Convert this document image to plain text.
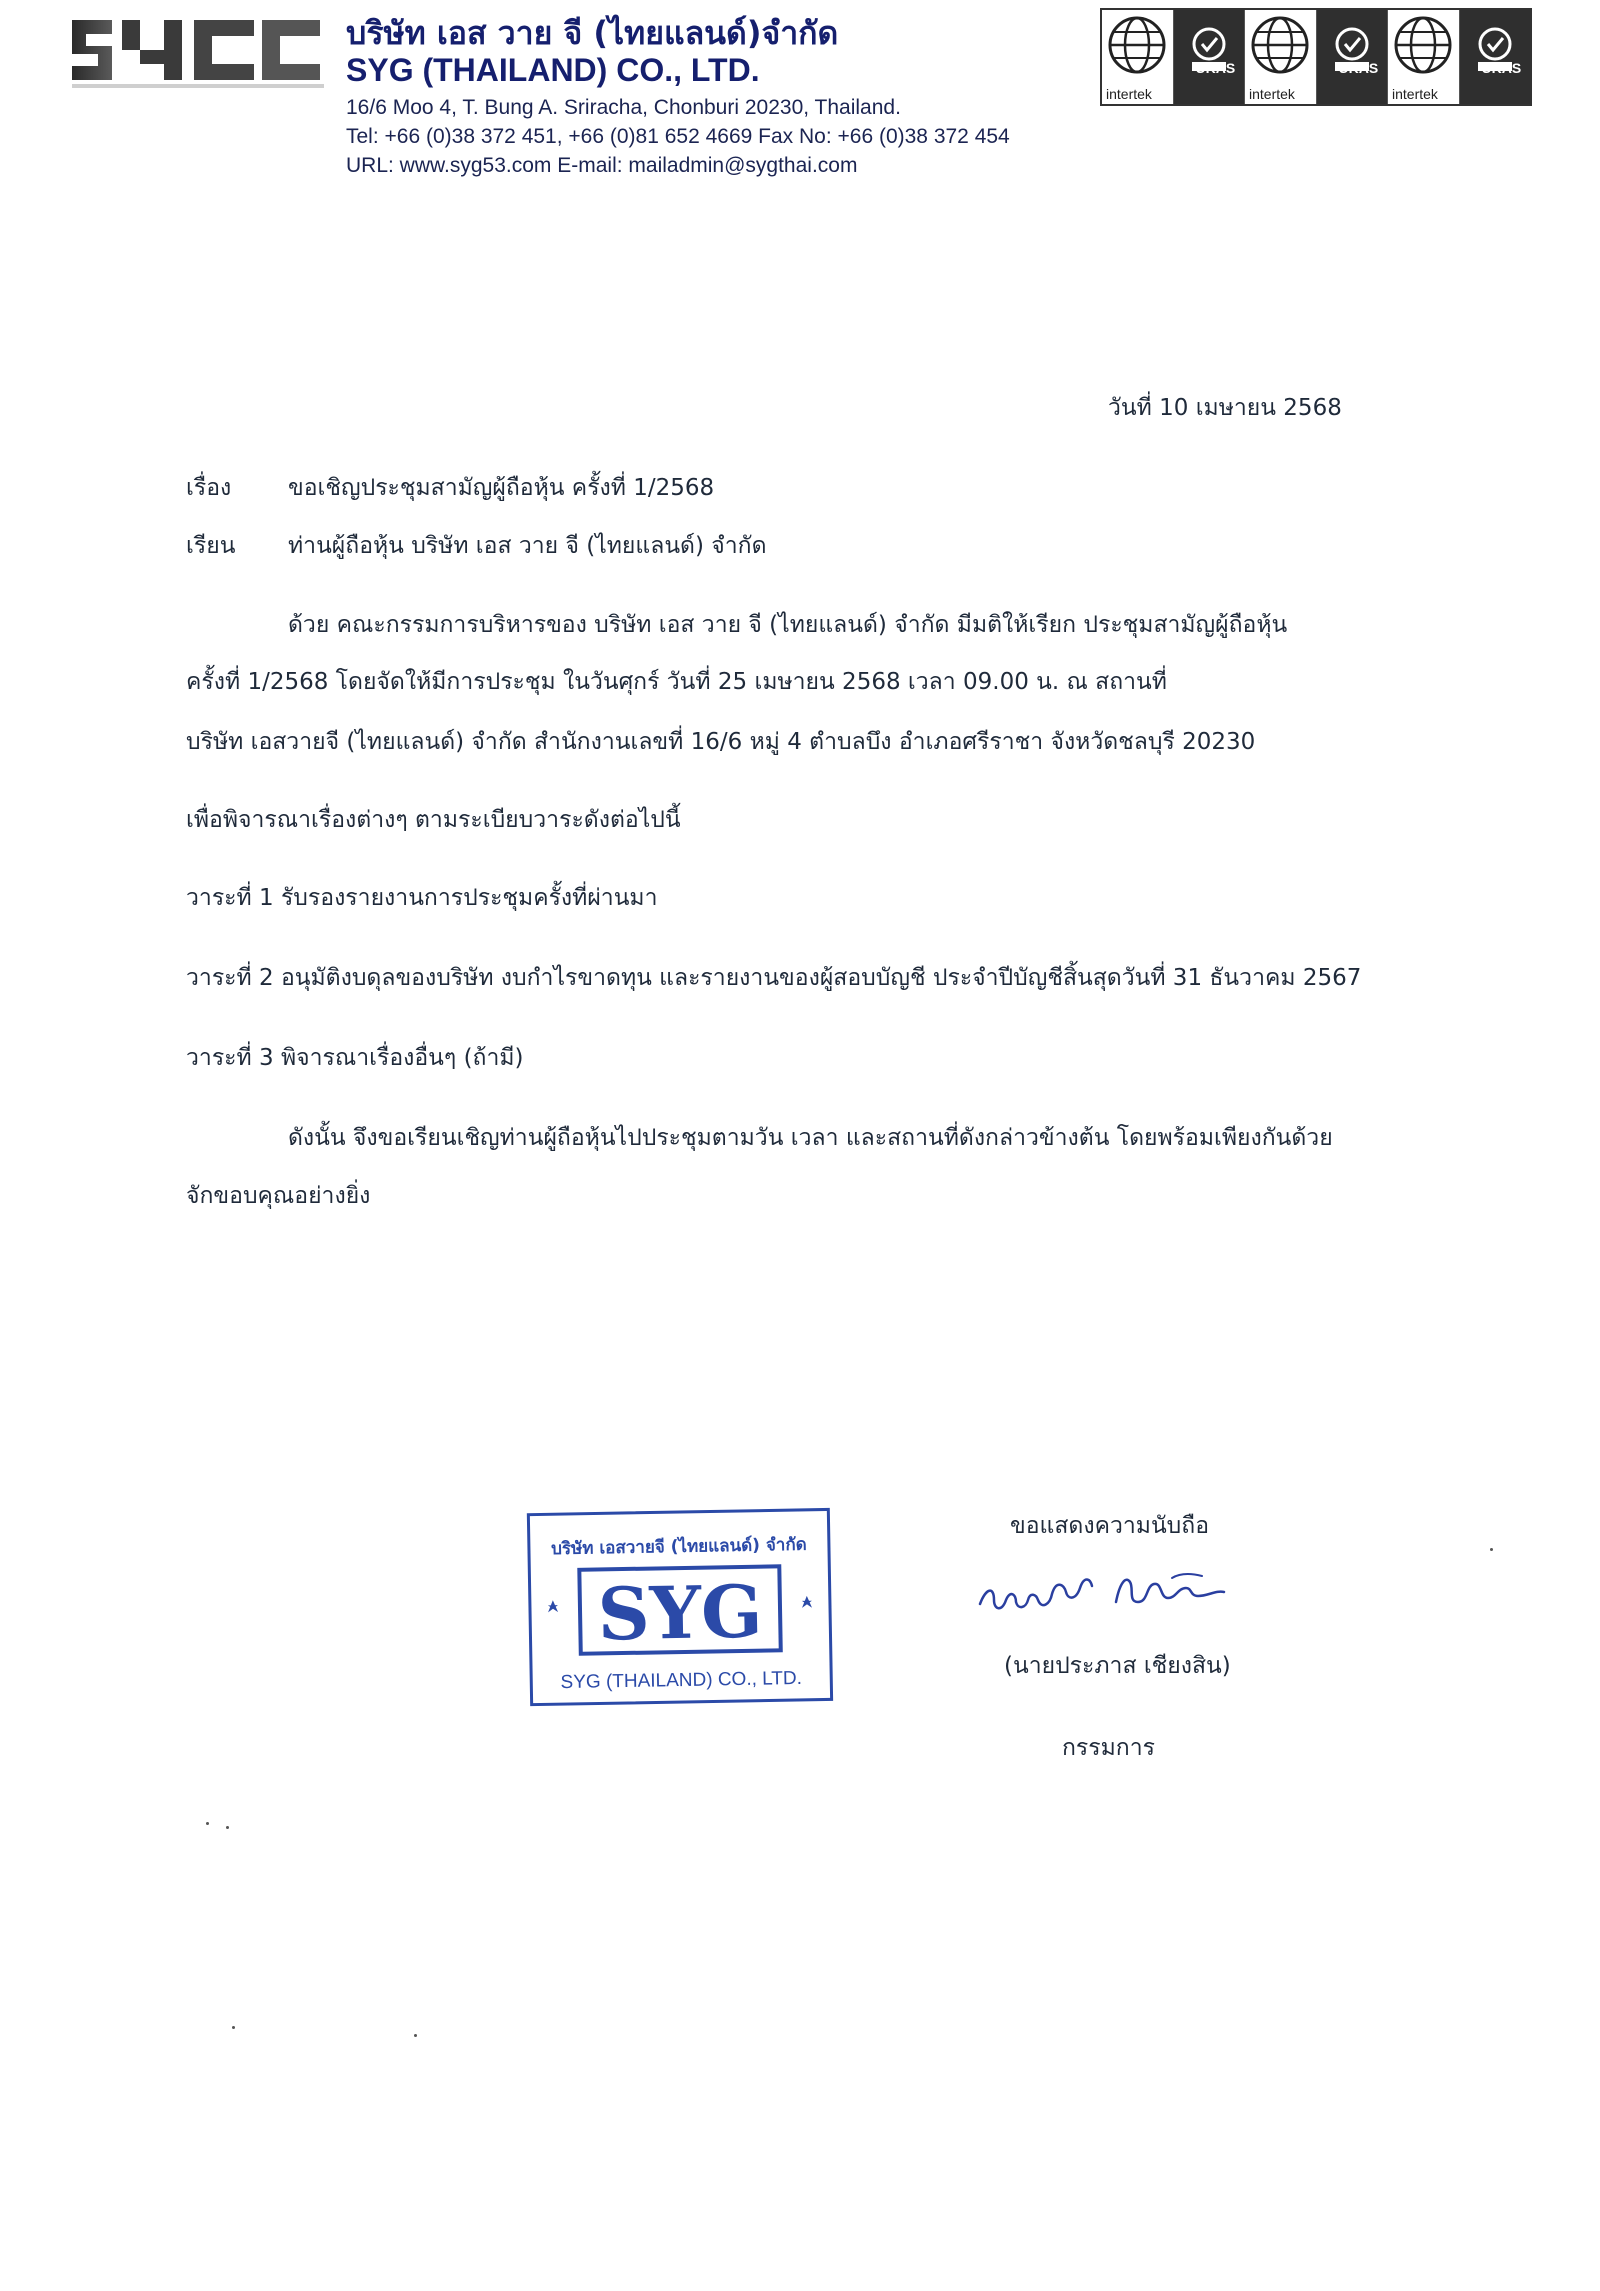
บริษัท เอส วาย จี (ไทยแลนด์)จำกัด
SYG (THAILAND) CO., LTD.
16/6 Moo 4, T. Bung A. Sriracha, Chonburi 20230, Thailand.
Tel: +66 (0)38 372 451, +66 (0)81 652 4669 Fax No: +66 (0)38 372 454
URL: www.syg53.com E-mail: mailadmin@sygthai.com
intertek
UKAS
intertek
UKAS
intertek
UKAS
วันที่ 10 เมษายน 2568
เรื่อง ขอเชิญประชุมสามัญผู้ถือหุ้น ครั้งที่ 1/2568
เรียน ท่านผู้ถือหุ้น บริษัท เอส วาย จี (ไทยแลนด์) จำกัด
ด้วย คณะกรรมการบริหารของ บริษัท เอส วาย จี (ไทยแลนด์) จำกัด มีมติให้เรียก ประชุมสามัญผู้ถือหุ้น
ครั้งที่ 1/2568 โดยจัดให้มีการประชุม ในวันศุกร์ วันที่ 25 เมษายน 2568 เวลา 09.00 น. ณ สถานที่
บริษัท เอสวายจี (ไทยแลนด์) จำกัด สำนักงานเลขที่ 16/6 หมู่ 4 ตำบลบึง อำเภอศรีราชา จังหวัดชลบุรี 20230
เพื่อพิจารณาเรื่องต่างๆ ตามระเบียบวาระดังต่อไปนี้
วาระที่ 1 รับรองรายงานการประชุมครั้งที่ผ่านมา
วาระที่ 2 อนุมัติงบดุลของบริษัท งบกำไรขาดทุน และรายงานของผู้สอบบัญชี ประจำปีบัญชีสิ้นสุดวันที่ 31 ธันวาคม 2567
วาระที่ 3 พิจารณาเรื่องอื่นๆ (ถ้ามี)
ดังนั้น จึงขอเรียนเชิญท่านผู้ถือหุ้นไปประชุมตามวัน เวลา และสถานที่ดังกล่าวข้างต้น โดยพร้อมเพียงกันด้วย
จักขอบคุณอย่างยิ่ง
บริษัท เอสวายจี (ไทยแลนด์) จำกัด
SYG
SYG (THAILAND) CO., LTD.
ขอแสดงความนับถือ
(นายประภาส เชียงสิน)
กรรมการ
